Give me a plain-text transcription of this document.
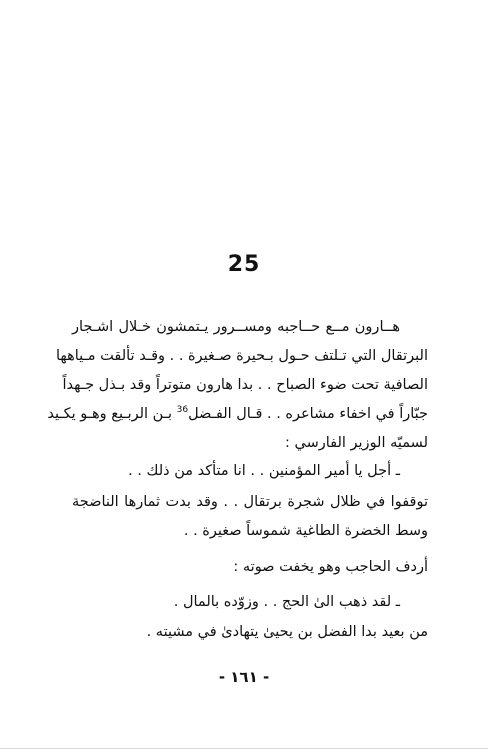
25
هــارون مــع حــاجبه ومســرور يـتمشون خـلال اشـجار
البرتقال التي تـلتف حـول بـحيرة صـغيرة . . وقـد تألقت مـياهها
الصافية تحت ضوء الصباح . . بدا هارون متوتراً وقد بـذل جـهداً
جبّاراً في اخفاء مشاعره . . قـال الفـضل$^{36}$ بـن الربـيع وهـو يكـيد
لسميّه الوزير الفارسي :
ـ أجل يا أمير المؤمنين . . انا متأكد من ذلك . .
توقفوا في ظلال شجرة برتقال . . وقد بدت ثمارها الناضجة
وسط الخضرة الطاغية شموساً صغيرة . .
أردف الحاجب وهو يخفت صوته :
ـ لقد ذهب الىٰ الحج . . وزوّده بالمال .
من بعيد بدا الفضل بن يحيىٰ يتهادىٰ في مشيته .
- ١٦١ -
